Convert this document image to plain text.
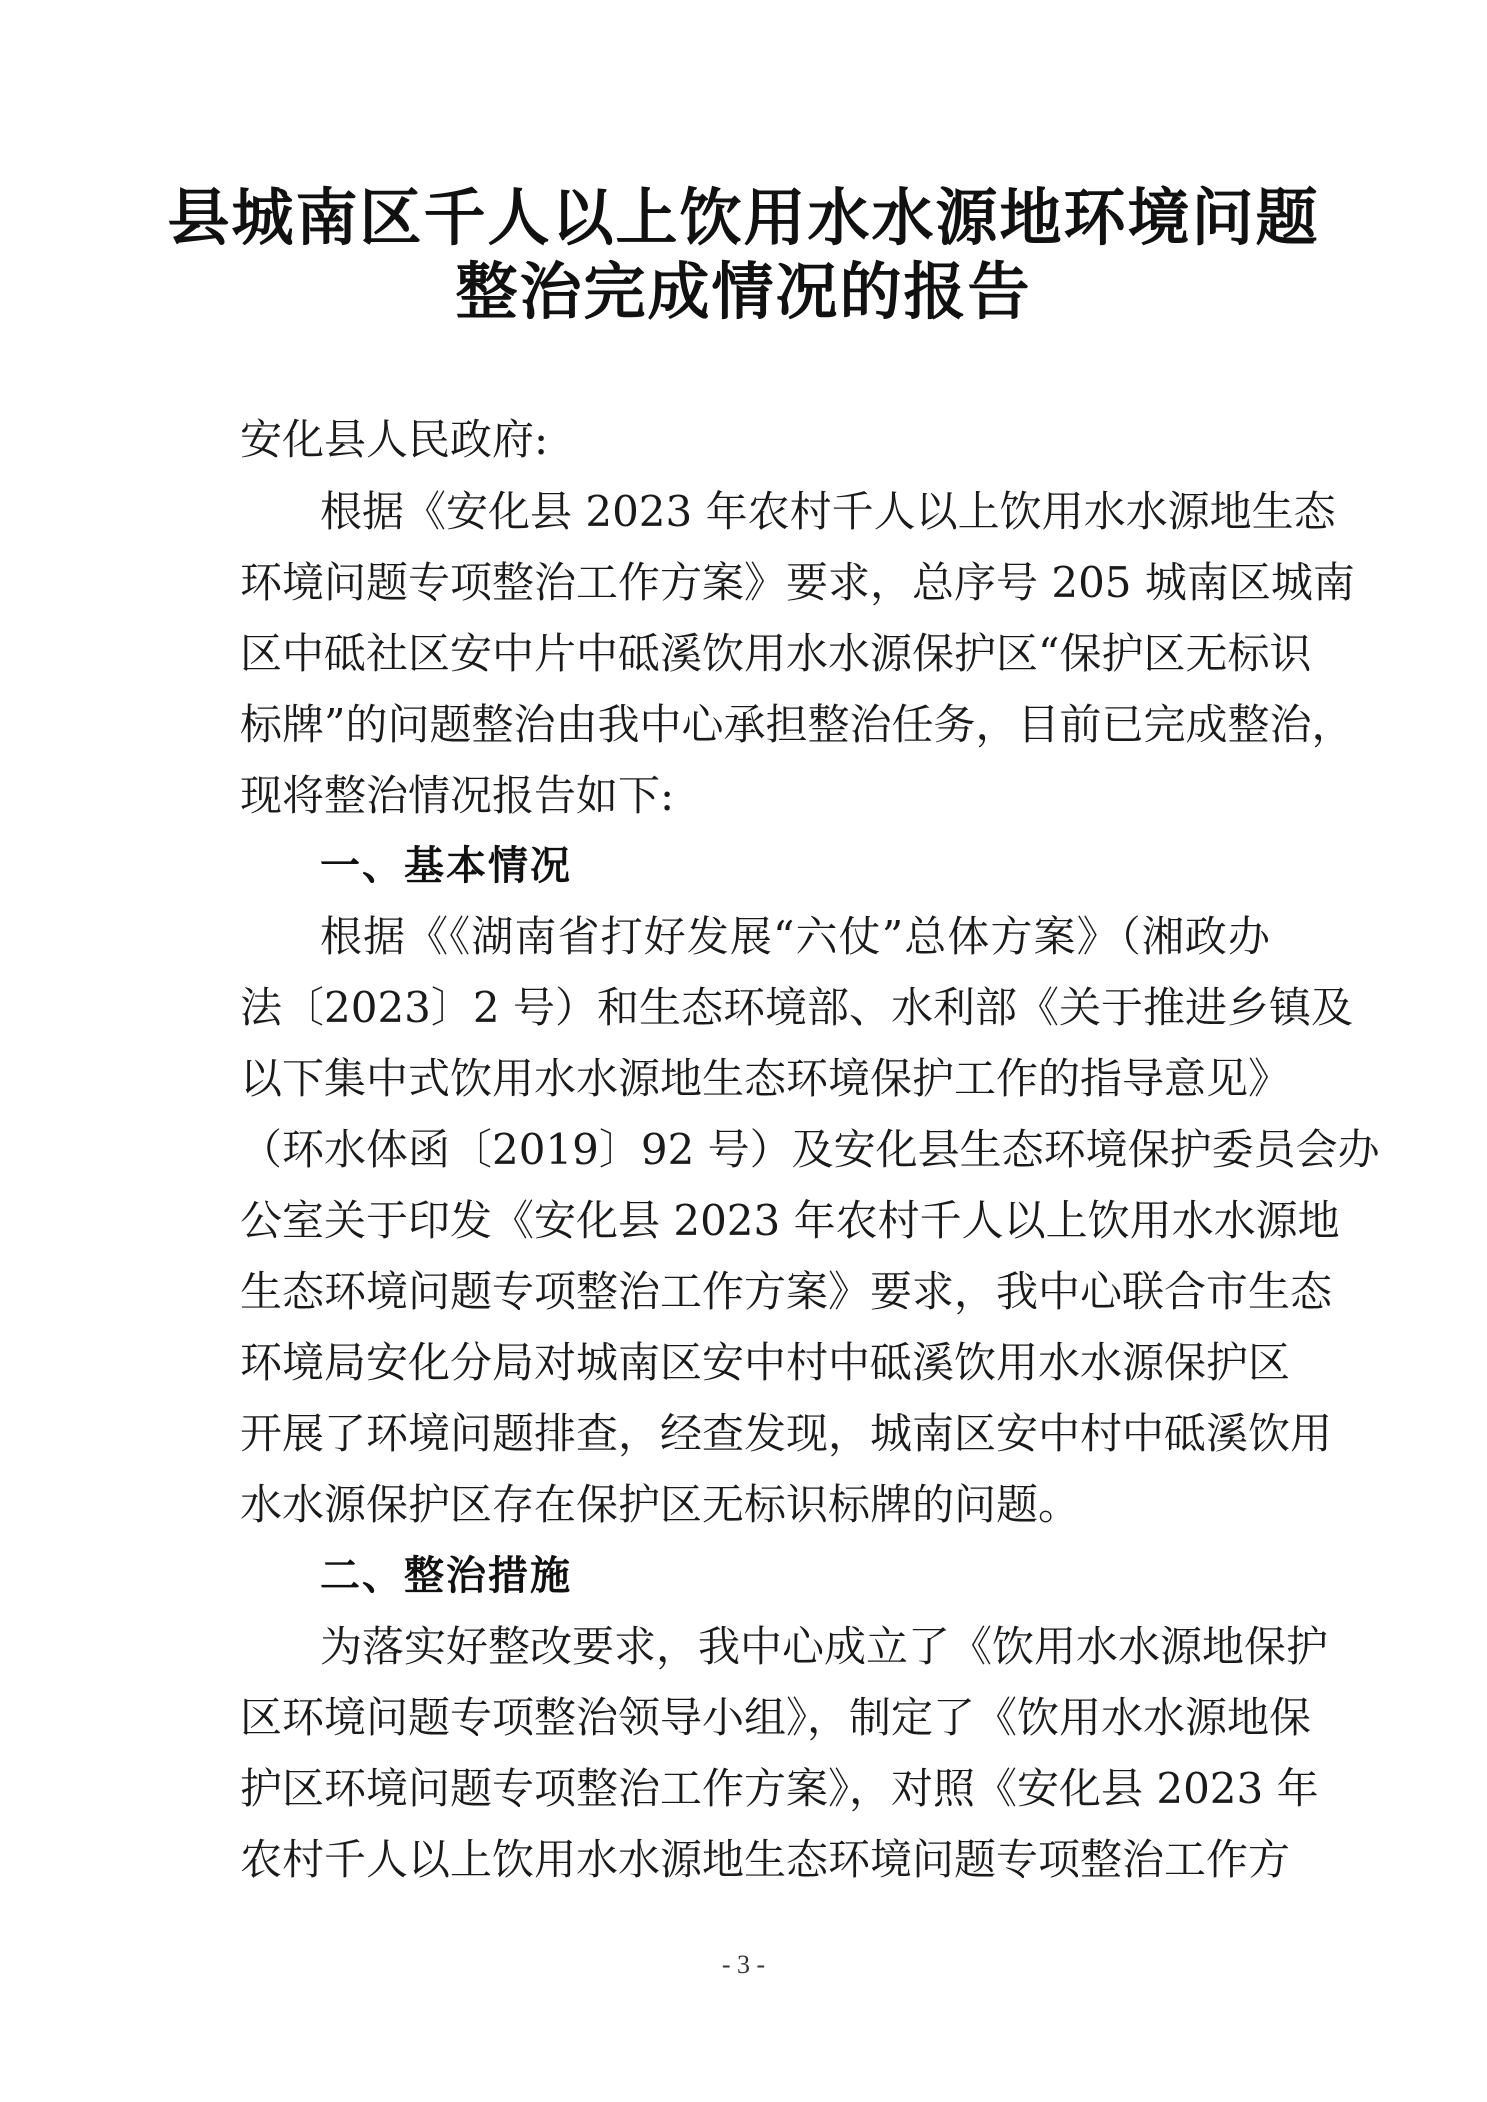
县城南区千人以上饮用水水源地环境问题
整治完成情况的报告
安化县人民政府:
根据《安化县 2023 年农村千人以上饮用水水源地生态
环境问题专项整治工作方案》要求，总序号 205 城南区城南
区中砥社区安中片中砥溪饮用水水源保护区“保护区无标识
标牌”的问题整治由我中心承担整治任务，目前已完成整治，
现将整治情况报告如下:
一、基本情况
根据《《湖南省打好发展“六仗”总体方案》（湘政办
法〔2023〕2 号）和生态环境部、水利部《关于推进乡镇及
以下集中式饮用水水源地生态环境保护工作的指导意见》
（环水体函〔2019〕92 号）及安化县生态环境保护委员会办
公室关于印发《安化县 2023 年农村千人以上饮用水水源地
生态环境问题专项整治工作方案》要求，我中心联合市生态
环境局安化分局对城南区安中村中砥溪饮用水水源保护区
开展了环境问题排查，经查发现，城南区安中村中砥溪饮用
水水源保护区存在保护区无标识标牌的问题。
二、整治措施
为落实好整改要求，我中心成立了《饮用水水源地保护
区环境问题专项整治领导小组》，制定了《饮用水水源地保
护区环境问题专项整治工作方案》，对照《安化县 2023 年
农村千人以上饮用水水源地生态环境问题专项整治工作方
- 3 -
